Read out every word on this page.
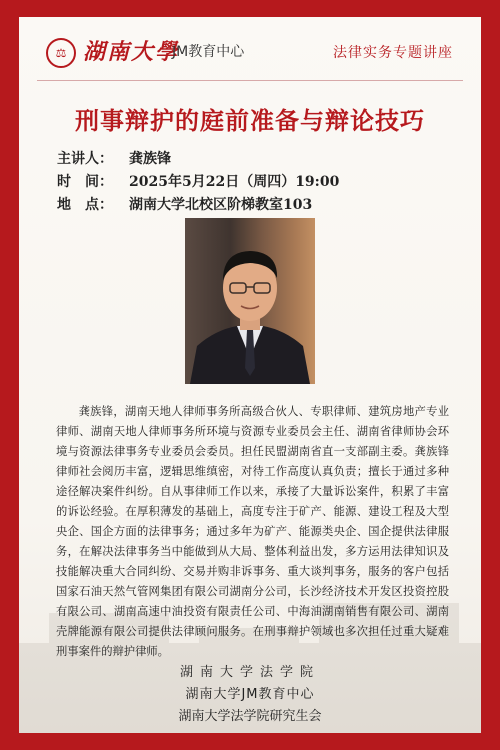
⚖ 湖南大學
JM教育中心	法律实务专题讲座
刑事辩护的庭前准备与辩论技巧
主讲人： 龚族锋
时　间： 2025年5月22日（周四）19:00
地　点： 湖南大学北校区阶梯教室103
龚族锋，湖南天地人律师事务所高级合伙人、专职律师、建筑房地产专业律师、湖南天地人律师事务所环境与资源专业委员会主任、湖南省律师协会环境与资源法律事务专业委员会委员。担任民盟湖南省直一支部副主委。龚族锋律师社会阅历丰富，逻辑思维缜密，对待工作高度认真负责；擅长于通过多种途径解决案件纠纷。自从事律师工作以来，承接了大量诉讼案件，积累了丰富的诉讼经验。在厚积薄发的基础上，高度专注于矿产、能源、建设工程及大型央企、国企方面的法律事务；通过多年为矿产、能源类央企、国企提供法律服务，在解决法律事务当中能做到从大局、整体利益出发，多方运用法律知识及技能解决重大合同纠纷、交易并购非诉事务、重大谈判事务，服务的客户包括国家石油天然气管网集团有限公司湖南分公司，长沙经济技术开发区投资控股有限公司、湖南高速中油投资有限责任公司、中海油湖南销售有限公司、湖南壳牌能源有限公司提供法律顾问服务。在刑事辩护领域也多次担任过重大疑难刑事案件的辩护律师。
湖南大学法学院
湖南大学JM教育中心
湖南大学法学院研究生会
